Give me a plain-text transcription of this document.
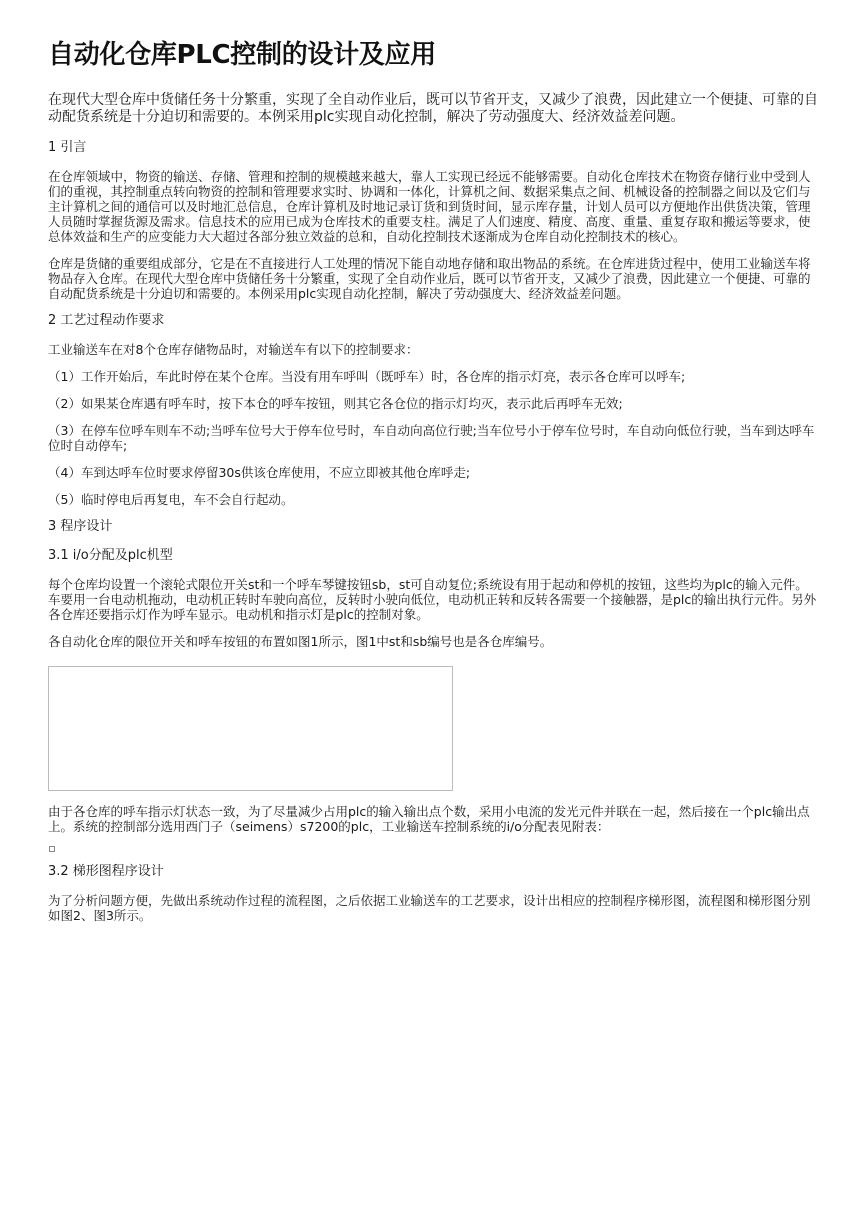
自动化仓库PLC控制的设计及应用
在现代大型仓库中货储任务十分繁重，实现了全自动作业后，既可以节省开支，又减少了浪费，因此建立一个便捷、可靠的自动配货系统是十分迫切和需要的。本例采用plc实现自动化控制，解决了劳动强度大、经济效益差问题。
1 引言

在仓库领域中，物资的输送、存储、管理和控制的规模越来越大，靠人工实现已经远不能够需要。自动化仓库技术在物资存储行业中受到人们的重视，其控制重点转向物资的控制和管理要求实时、协调和一体化，计算机之间、数据采集点之间、机械设备的控制器之间以及它们与主计算机之间的通信可以及时地汇总信息，仓库计算机及时地记录订货和到货时间，显示库存量，计划人员可以方便地作出供货决策，管理人员随时掌握货源及需求。信息技术的应用已成为仓库技术的重要支柱。满足了人们速度、精度、高度、重量、重复存取和搬运等要求，使总体效益和生产的应变能力大大超过各部分独立效益的总和，自动化控制技术逐渐成为仓库自动化控制技术的核心。

仓库是货储的重要组成部分，它是在不直接进行人工处理的情况下能自动地存储和取出物品的系统。在仓库进货过程中，使用工业输送车将物品存入仓库。在现代大型仓库中货储任务十分繁重，实现了全自动作业后，既可以节省开支，又减少了浪费，因此建立一个便捷、可靠的自动配货系统是十分迫切和需要的。本例采用plc实现自动化控制，解决了劳动强度大、经济效益差问题。

2 工艺过程动作要求

工业输送车在对8个仓库存储物品时，对输送车有以下的控制要求：

（1）工作开始后，车此时停在某个仓库。当没有用车呼叫（既呼车）时，各仓库的指示灯亮，表示各仓库可以呼车;

（2）如果某仓库遇有呼车时，按下本仓的呼车按钮，则其它各仓位的指示灯均灭，表示此后再呼车无效;

（3）在停车位呼车则车不动;当呼车位号大于停车位号时，车自动向高位行驶;当车位号小于停车位号时，车自动向低位行驶，当车到达呼车位时自动停车;

（4）车到达呼车位时要求停留30s供该仓库使用，不应立即被其他仓库呼走;

（5）临时停电后再复电，车不会自行起动。

3 程序设计
3.1 i/o分配及plc机型

每个仓库均设置一个滚轮式限位开关st和一个呼车琴键按钮sb，st可自动复位;系统设有用于起动和停机的按钮，这些均为plc的输入元件。车要用一台电动机拖动，电动机正转时车驶向高位，反转时小驶向低位，电动机正转和反转各需要一个接触器，是plc的输出执行元件。另外各仓库还要指示灯作为呼车显示。电动机和指示灯是plc的控制对象。

各自动化仓库的限位开关和呼车按钮的布置如图1所示，图1中st和sb编号也是各仓库编号。

由于各仓库的呼车指示灯状态一致，为了尽量减少占用plc的输入输出点个数，采用小电流的发光元件并联在一起，然后接在一个plc输出点上。系统的控制部分选用西门子（seimens）s7200的plc，工业输送车控制系统的i/o分配表见附表：

3.2 梯形图程序设计

为了分析问题方便，先做出系统动作过程的流程图，之后依据工业输送车的工艺要求，设计出相应的控制程序梯形图，流程图和梯形图分别如图2、图3所示。
